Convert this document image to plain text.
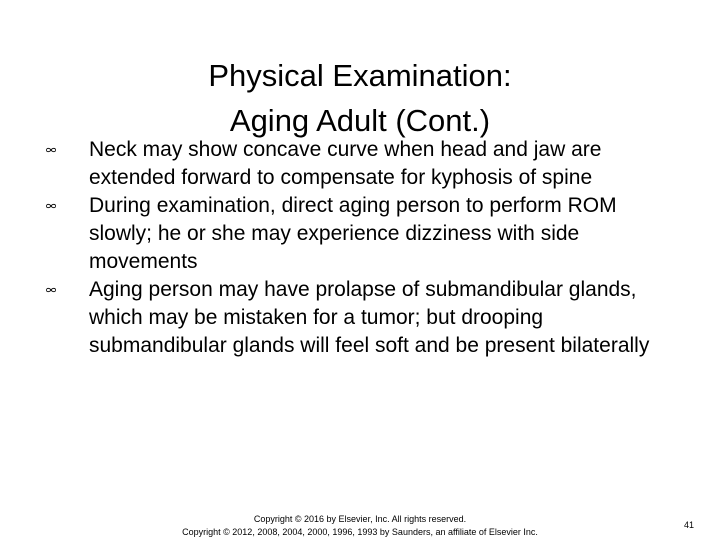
Physical Examination:
Aging Adult (Cont.)
Neck may show concave curve when head and jaw are extended forward to compensate for kyphosis of spine
During examination, direct aging person to perform ROM slowly; he or she may experience dizziness with side movements
Aging person may have prolapse of submandibular glands, which may be mistaken for a tumor; but drooping submandibular glands will feel soft and be present bilaterally
Copyright © 2016 by Elsevier, Inc. All rights reserved.
Copyright © 2012, 2008, 2004, 2000, 1996, 1993 by Saunders, an affiliate of Elsevier Inc.
41
